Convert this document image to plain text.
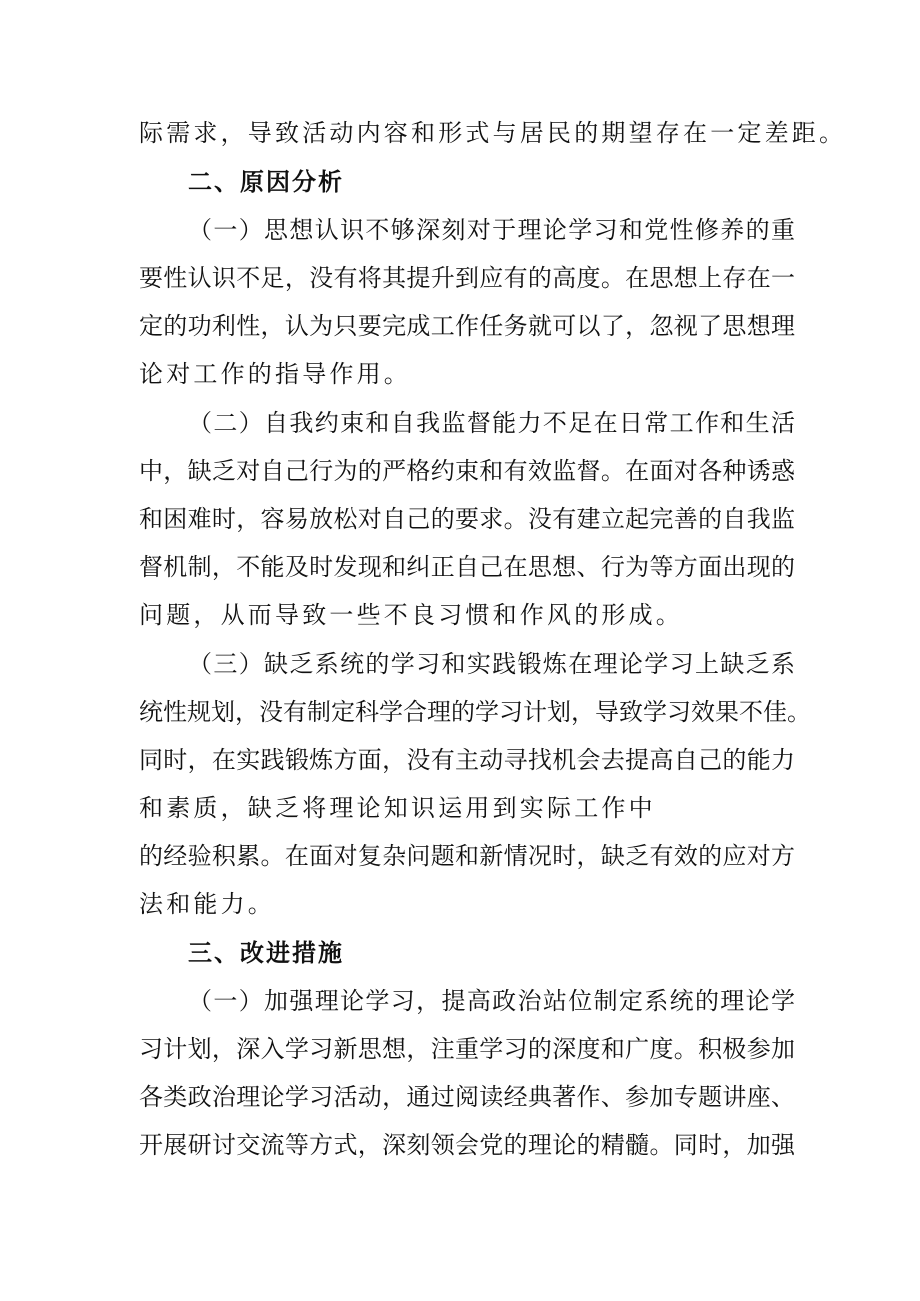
际需求，导致活动内容和形式与居民的期望存在一定差距。

二、原因分析

（一）思想认识不够深刻对于理论学习和党性修养的重

要性认识不足，没有将其提升到应有的高度。在思想上存在一

定的功利性，认为只要完成工作任务就可以了，忽视了思想理

论对工作的指导作用。

（二）自我约束和自我监督能力不足在日常工作和生活

中，缺乏对自己行为的严格约束和有效监督。在面对各种诱惑

和困难时，容易放松对自己的要求。没有建立起完善的自我监

督机制，不能及时发现和纠正自己在思想、行为等方面出现的

问题，从而导致一些不良习惯和作风的形成。

（三）缺乏系统的学习和实践锻炼在理论学习上缺乏系

统性规划，没有制定科学合理的学习计划，导致学习效果不佳。

同时，在实践锻炼方面，没有主动寻找机会去提高自己的能力

和素质，缺乏将理论知识运用到实际工作中

的经验积累。在面对复杂问题和新情况时，缺乏有效的应对方

法和能力。

三、改进措施

（一）加强理论学习，提高政治站位制定系统的理论学

习计划，深入学习新思想，注重学习的深度和广度。积极参加

各类政治理论学习活动，通过阅读经典著作、参加专题讲座、

开展研讨交流等方式，深刻领会党的理论的精髓。同时，加强
